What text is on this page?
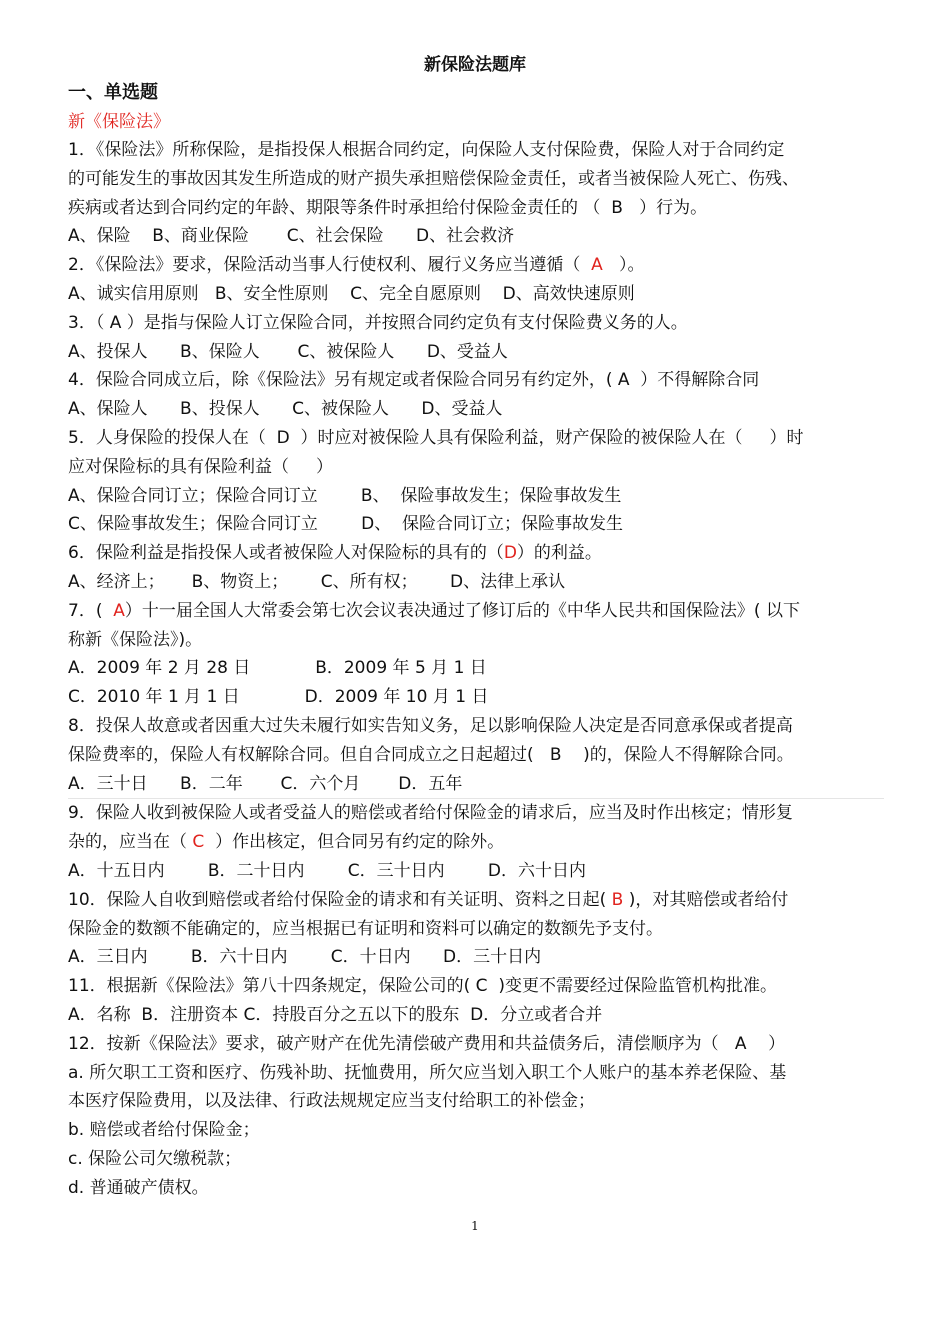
新保险法题库
一、单选题
新《保险法》
1．《保险法》所称保险，是指投保人根据合同约定，向保险人支付保险费，保险人对于合同约定
的可能发生的事故因其发生所造成的财产损失承担赔偿保险金责任，或者当被保险人死亡、伤残、
疾病或者达到合同约定的年龄、期限等条件时承担给付保险金责任的 （  B   ）行为。
A、保险    B、商业保险       C、社会保险      D、社会救济
2．《保险法》要求，保险活动当事人行使权利、履行义务应当遵循（  A   ）。
A、诚实信用原则   B、安全性原则    C、完全自愿原则    D、高效快速原则
3．（ A ）是指与保险人订立保险合同，并按照合同约定负有支付保险费义务的人。
A、投保人      B、保险人       C、被保险人      D、受益人
4．保险合同成立后，除《保险法》另有规定或者保险合同另有约定外，( A  ）不得解除合同
A、保险人      B、投保人      C、被保险人      D、受益人
5．人身保险的投保人在（  D  ）时应对被保险人具有保险利益，财产保险的被保险人在（     ）时
应对保险标的具有保险利益（     ）
A、保险合同订立；保险合同订立        B、  保险事故发生；保险事故发生
C、保险事故发生；保险合同订立        D、  保险合同订立；保险事故发生
6．保险利益是指投保人或者被保险人对保险标的具有的（D）的利益。
A、经济上；     B、物资上；      C、所有权；      D、法律上承认
7．(  A）十一届全国人大常委会第七次会议表决通过了修订后的《中华人民共和国保险法》( 以下
称新《保险法》)。
A．2009 年 2 月 28 日            B．2009 年 5 月 1 日
C．2010 年 1 月 1 日            D．2009 年 10 月 1 日
8．投保人故意或者因重大过失未履行如实告知义务，足以影响保险人决定是否同意承保或者提高
保险费率的，保险人有权解除合同。但自合同成立之日起超过(   B    )的，保险人不得解除合同。
A．三十日      B．二年       C．六个月       D．五年
9．保险人收到被保险人或者受益人的赔偿或者给付保险金的请求后，应当及时作出核定；情形复
杂的，应当在（ C  ）作出核定，但合同另有约定的除外。
A．十五日内        B．二十日内        C．三十日内        D．六十日内
10．保险人自收到赔偿或者给付保险金的请求和有关证明、资料之日起( B )，对其赔偿或者给付
保险金的数额不能确定的，应当根据已有证明和资料可以确定的数额先予支付。
A．三日内        B．六十日内        C．十日内      D．三十日内
11．根据新《保险法》第八十四条规定，保险公司的( C  )变更不需要经过保险监管机构批准。
A．名称  B．注册资本 C．持股百分之五以下的股东  D．分立或者合并
12．按新《保险法》要求，破产财产在优先清偿破产费用和共益债务后，清偿顺序为（   A    ）
a. 所欠职工工资和医疗、伤残补助、抚恤费用，所欠应当划入职工个人账户的基本养老保险、基
本医疗保险费用，以及法律、行政法规规定应当支付给职工的补偿金；
b. 赔偿或者给付保险金；
c. 保险公司欠缴税款；
d. 普通破产债权。
1
